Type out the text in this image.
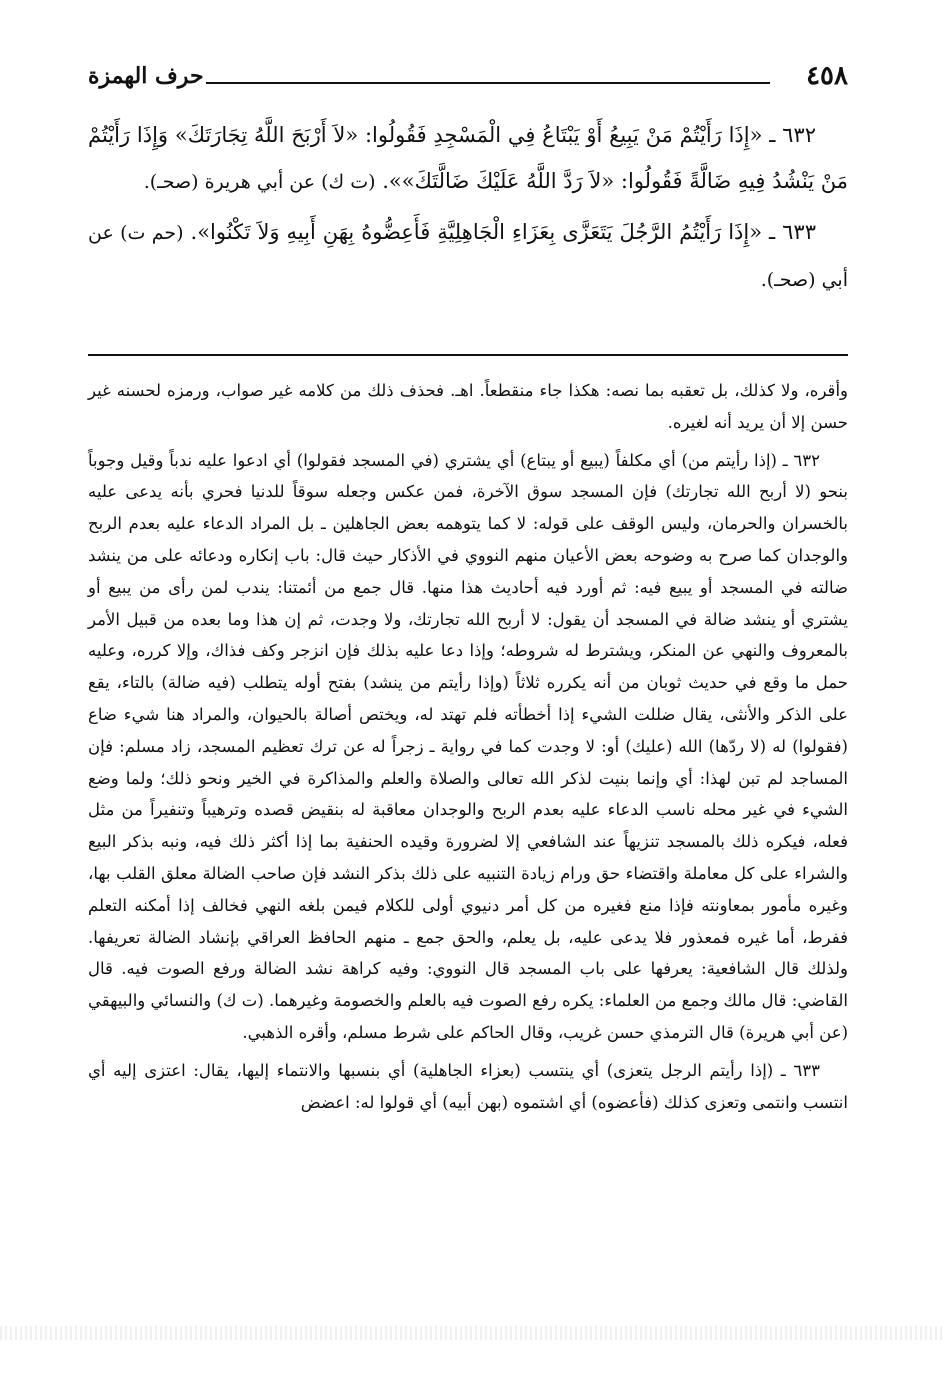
٤٥٨
حرف الهمزة

٦٣٢ ـ «إِذَا رَأَيْتُمْ مَنْ يَبِيعُ أَوْ يَبْتَاعُ فِي الْمَسْجِدِ فَقُولُوا: «لاَ أَرْبَحَ اللَّهُ تِجَارَتَكَ» وَإِذَا رَأَيْتُمْ مَنْ يَنْشُدُ فِيهِ ضَالَّةً فَقُولُوا: «لاَ رَدَّ اللَّهُ عَلَيْكَ ضَالَّتَكَ»». (ت ك) عن أبي هريرة (صحـ).

٦٣٣ ـ «إِذَا رَأَيْتُمُ الرَّجُلَ يَتَعَزَّى بِعَزَاءِ الْجَاهِلِيَّةِ فَأَعِضُّوهُ بِهَنِ أَبِيهِ وَلاَ تَكْنُوا». (حم ت) عن أبي (صحـ).

وأقره، ولا كذلك، بل تعقبه بما نصه: هكذا جاء منقطعاً. اهـ. فحذف ذلك من كلامه غير صواب، ورمزه لحسنه غير حسن إلا أن يريد أنه لغيره.

٦٣٢ ـ (إذا رأيتم من) أي مكلفاً (يبيع أو يبتاع) أي يشتري (في المسجد فقولوا) أي ادعوا عليه ندباً وقيل وجوباً بنحو (لا أربح الله تجارتك) فإن المسجد سوق الآخرة، فمن عكس وجعله سوقاً للدنيا فحري بأنه يدعى عليه بالخسران والحرمان، وليس الوقف على قوله: لا كما يتوهمه بعض الجاهلين ـ بل المراد الدعاء عليه بعدم الربح والوجدان كما صرح به وضوحه بعض الأعيان منهم النووي في الأذكار حيث قال: باب إنكاره ودعائه على من ينشد ضالته في المسجد أو يبيع فيه: ثم أورد فيه أحاديث هذا منها. قال جمع من أئمتنا: يندب لمن رأى من يبيع أو يشتري أو ينشد ضالة في المسجد أن يقول: لا أربح الله تجارتك، ولا وجدت، ثم إن هذا وما بعده من قبيل الأمر بالمعروف والنهي عن المنكر، ويشترط له شروطه؛ وإذا دعا عليه بذلك فإن انزجر وكف فذاك، وإلا كرره، وعليه حمل ما وقع في حديث ثوبان من أنه يكرره ثلاثاً (وإذا رأيتم من ينشد) بفتح أوله يتطلب (فيه ضالة) بالتاء، يقع على الذكر والأنثى، يقال ضللت الشيء إذا أخطأته فلم تهتد له، ويختص أصالة بالحيوان، والمراد هنا شيء ضاع (فقولوا) له (لا ردّها) الله (عليك) أو: لا وجدت كما في رواية ـ زجراً له عن ترك تعظيم المسجد، زاد مسلم: فإن المساجد لم تبن لهذا: أي وإنما بنيت لذكر الله تعالى والصلاة والعلم والمذاكرة في الخير ونحو ذلك؛ ولما وضع الشيء في غير محله ناسب الدعاء عليه بعدم الربح والوجدان معاقبة له بنقيض قصده وترهيباً وتنفيراً من مثل فعله، فيكره ذلك بالمسجد تنزيهاً عند الشافعي إلا لضرورة وقيده الحنفية بما إذا أكثر ذلك فيه، ونبه بذكر البيع والشراء على كل معاملة واقتضاء حق ورام زيادة التنبيه على ذلك بذكر النشد فإن صاحب الضالة معلق القلب بها، وغيره مأمور بمعاونته فإذا منع فغيره من كل أمر دنيوي أولى للكلام فيمن بلغه النهي فخالف إذا أمكنه التعلم ففرط، أما غيره فمعذور فلا يدعى عليه، بل يعلم، والحق جمع ـ منهم الحافظ العراقي بإنشاد الضالة تعريفها. ولذلك قال الشافعية: يعرفها على باب المسجد قال النووي: وفيه كراهة نشد الضالة ورفع الصوت فيه. قال القاضي: قال مالك وجمع من العلماء: يكره رفع الصوت فيه بالعلم والخصومة وغيرهما. (ت ك) والنسائي والبيهقي (عن أبي هريرة) قال الترمذي حسن غريب، وقال الحاكم على شرط مسلم، وأقره الذهبي.

٦٣٣ ـ (إذا رأيتم الرجل يتعزى) أي ينتسب (بعزاء الجاهلية) أي بنسبها والانتماء إليها، يقال: اعتزى إليه أي انتسب وانتمى وتعزى كذلك (فأعضوه) أي اشتموه (بهن أبيه) أي قولوا له: اعضض
